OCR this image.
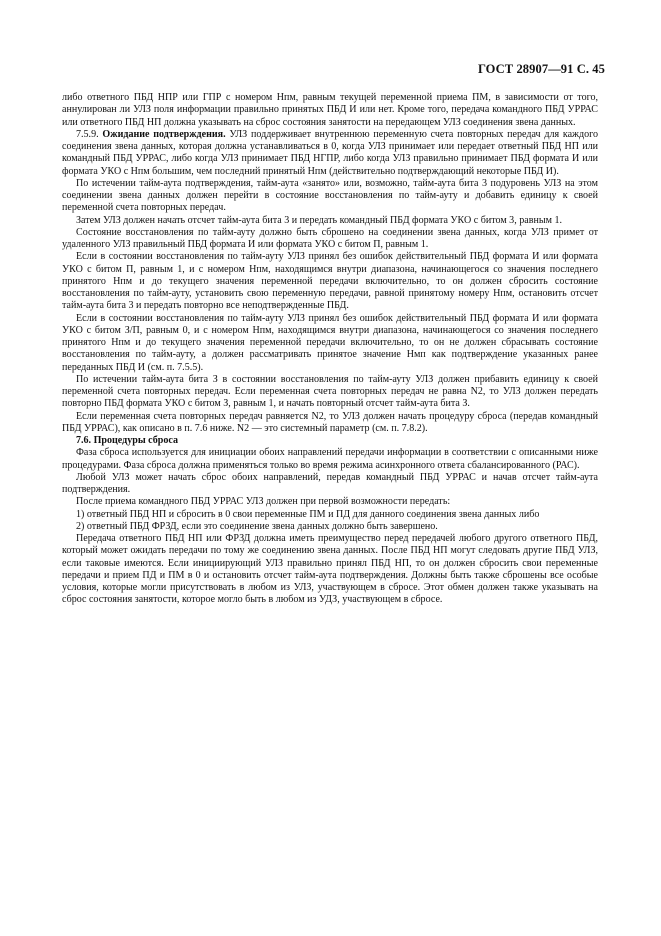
ГОСТ 28907—91 С. 45

либо ответного ПБД НПР или ГПР с номером Нпм, равным текущей переменной приема ПМ, в зависимости от того, аннулирован ли УЛЗ поля информации правильно принятых ПБД И или нет. Кроме того, передача командного ПБД УРРАС или ответного ПБД НП должна указывать на сброс состояния занятости на передающем УЛЗ соединения звена данных.

7.5.9. Ожидание подтверждения. УЛЗ поддерживает внутреннюю переменную счета повторных передач для каждого соединения звена данных, которая должна устанавливаться в 0, когда УЛЗ принимает или передает ответный ПБД НП или командный ПБД УРРАС, либо когда УЛЗ принимает ПБД НГПР, либо когда УЛЗ правильно принимает ПБД формата И или формата УКО с Нпм большим, чем последний принятый Нпм (действительно подтверждающий некоторые ПБД И).

По истечении тайм-аута подтверждения, тайм-аута «занято» или, возможно, тайм-аута бита 3 подуровень УЛЗ на этом соединении звена данных должен перейти в состояние восстановления по тайм-ауту и добавить единицу к своей переменной счета повторных передач.

Затем УЛЗ должен начать отсчет тайм-аута бита 3 и передать командный ПБД формата УКО с битом 3, равным 1.

Состояние восстановления по тайм-ауту должно быть сброшено на соединении звена данных, когда УЛЗ примет от удаленного УЛЗ правильный ПБД формата И или формата УКО с битом П, равным 1.

Если в состоянии восстановления по тайм-ауту УЛЗ принял без ошибок действительный ПБД формата И или формата УКО с битом П, равным 1, и с номером Нпм, находящимся внутри диапазона, начинающегося со значения последнего принятого Нпм и до текущего значения переменной передачи включительно, то он должен сбросить состояние восстановления по тайм-ауту, установить свою переменную передачи, равной принятому номеру Нпм, остановить отсчет тайм-аута бита 3 и передать повторно все неподтвержденные ПБД.

Если в состоянии восстановления по тайм-ауту УЛЗ принял без ошибок действительный ПБД формата И или формата УКО с битом З/П, равным 0, и с номером Нпм, находящимся внутри диапазона, начинающегося со значения последнего принятого Нпм и до текущего значения переменной передачи включительно, то он не должен сбрасывать состояние восстановления по тайм-ауту, а должен рассматривать принятое значение Нмп как подтверждение указанных ранее переданных ПБД И (см. п. 7.5.5).

По истечении тайм-аута бита З в состоянии восстановления по тайм-ауту УЛЗ должен прибавить единицу к своей переменной счета повторных передач. Если переменная счета повторных передач не равна N2, то УЛЗ должен передать повторно ПБД формата УКО с битом З, равным 1, и начать повторный отсчет тайм-аута бита З.

Если переменная счета повторных передач равняется N2, то УЛЗ должен начать процедуру сброса (передав командный ПБД УРРАС), как описано в п. 7.6 ниже. N2 — это системный параметр (см. п. 7.8.2).

7.6. Процедуры сброса

Фаза сброса используется для инициации обоих направлений передачи информации в соответствии с описанными ниже процедурами. Фаза сброса должна применяться только во время режима асинхронного ответа сбалансированного (РАС).

Любой УЛЗ может начать сброс обоих направлений, передав командный ПБД УРРАС и начав отсчет тайм-аута подтверждения.

После приема командного ПБД УРРАС УЛЗ должен при первой возможности передать:

1) ответный ПБД НП и сбросить в 0 свои переменные ПМ и ПД для данного соединения звена данных либо

2) ответный ПБД ФРЗД, если это соединение звена данных должно быть завершено.

Передача ответного ПБД НП или ФРЗД должна иметь преимущество перед передачей любого другого ответного ПБД, который может ожидать передачи по тому же соединению звена данных. После ПБД НП могут следовать другие ПБД УЛЗ, если таковые имеются. Если инициирующий УЛЗ правильно принял ПБД НП, то он должен сбросить свои переменные передачи и прием ПД и ПМ в 0 и остановить отсчет тайм-аута подтверждения. Должны быть также сброшены все особые условия, которые могли присутствовать в любом из УЛЗ, участвующем в сбросе. Этот обмен должен также указывать на сброс состояния занятости, которое могло быть в любом из УДЗ, участвующем в сбросе.
